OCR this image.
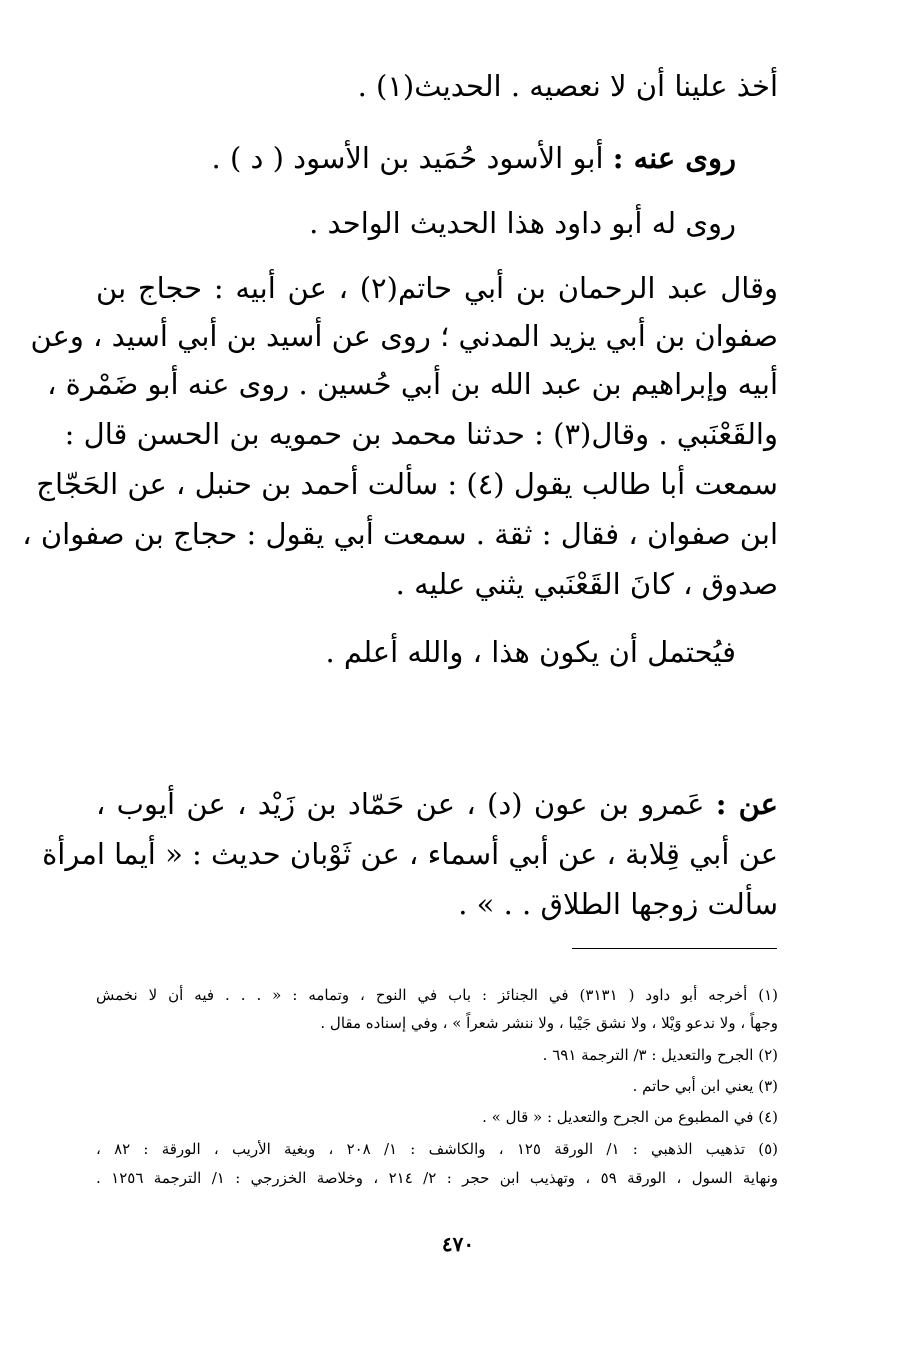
أخذ علينا أن لا نعصيه . الحديث(١) .
روى عنه : أبو الأسود حُمَيد بن الأسود ( د ) .
روى له أبو داود هذا الحديث الواحد .
وقال عبد الرحمان بن أبي حاتم(٢) ، عن أبيه : حجاج بن
صفوان بن أبي يزيد المدني ؛ روى عن أسيد بن أبي أسيد ، وعن
أبيه وإبراهيم بن عبد الله بن أبي حُسين . روى عنه أبو ضَمْرة ،
والقَعْنَبي . وقال(٣) : حدثنا محمد بن حمويه بن الحسن قال :
سمعت أبا طالب يقول (٤) : سألت أحمد بن حنبل ، عن الحَجّاج
ابن صفوان ، فقال : ثقة . سمعت أبي يقول : حجاج بن صفوان ،
صدوق ، كانَ القَعْنَبي يثني عليه .
فيُحتمل أن يكون هذا ، والله أعلم .
عن : عَمرو بن عون (د) ، عن حَمّاد بن زَيْد ، عن أيوب ،
عن أبي قِلابة ، عن أبي أسماء ، عن ثَوْبان حديث : « أيما امرأة
سألت زوجها الطلاق . . » .
(١) أخرجه أبو داود ( ٣١٣١) في الجنائز : باب في النوح ، وتمامه : « . . . فيه أن لا نخمش
وجهاً ، ولا ندعو وَيْلا ، ولا نشق جَيْبا ، ولا ننشر شعراً » ، وفي إسناده مقال .
(٢) الجرح والتعديل : ٣/ الترجمة ٦٩١ .
(٣) يعني ابن أبي حاتم .
(٤) في المطبوع من الجرح والتعديل : « قال » .
(٥) تذهيب الذهبي : ١/ الورقة ١٢٥ ، والكاشف : ١/ ٢٠٨ ، وبغية الأريب ، الورقة : ٨٢ ،
ونهاية السول ، الورقة ٥٩ ، وتهذيب ابن حجر : ٢/ ٢١٤ ، وخلاصة الخزرجي : ١/ الترجمة ١٢٥٦ .
٤٧٠
